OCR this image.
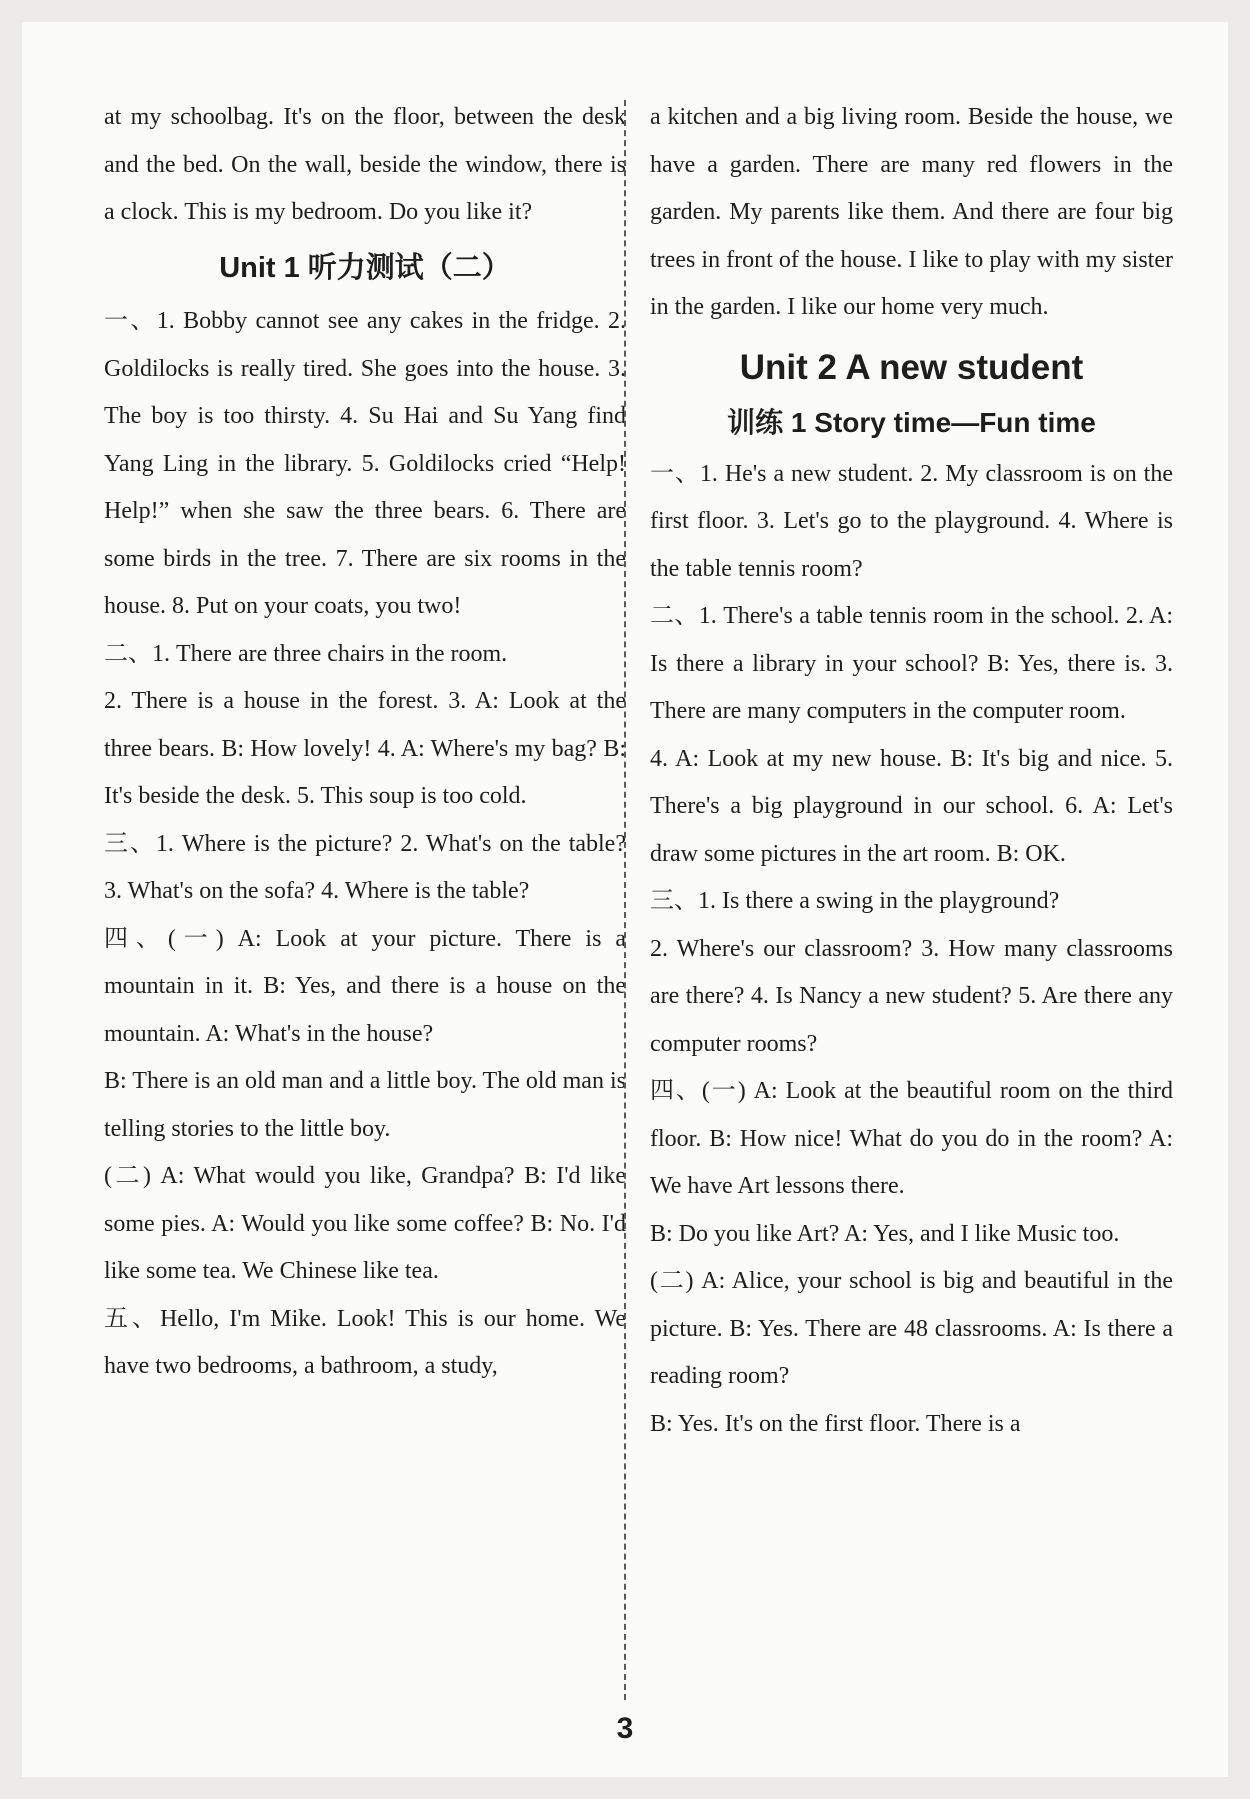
at my schoolbag. It's on the floor, between the desk and the bed. On the wall, beside the window, there is a clock. This is my bedroom. Do you like it?

Unit 1 听力测试（二）

一、1. Bobby cannot see any cakes in the fridge. 2. Goldilocks is really tired. She goes into the house. 3. The boy is too thirsty. 4. Su Hai and Su Yang find Yang Ling in the library. 5. Goldilocks cried “Help! Help!” when she saw the three bears. 6. There are some birds in the tree. 7. There are six rooms in the house. 8. Put on your coats, you two!

二、1. There are three chairs in the room.

2. There is a house in the forest. 3. A: Look at the three bears. B: How lovely! 4. A: Where's my bag? B: It's beside the desk. 5. This soup is too cold.

三、1. Where is the picture? 2. What's on the table? 3. What's on the sofa? 4. Where is the table?

四、(一) A: Look at your picture. There is a mountain in it. B: Yes, and there is a house on the mountain. A: What's in the house?

B: There is an old man and a little boy. The old man is telling stories to the little boy.

(二) A: What would you like, Grandpa? B: I'd like some pies. A: Would you like some coffee? B: No. I'd like some tea. We Chinese like tea.

五、Hello, I'm Mike. Look! This is our home. We have two bedrooms, a bathroom, a study,

a kitchen and a big living room. Beside the house, we have a garden. There are many red flowers in the garden. My parents like them. And there are four big trees in front of the house. I like to play with my sister in the garden. I like our home very much.

Unit 2 A new student
训练 1 Story time—Fun time

一、1. He's a new student. 2. My classroom is on the first floor. 3. Let's go to the playground. 4. Where is the table tennis room?

二、1. There's a table tennis room in the school. 2. A: Is there a library in your school? B: Yes, there is. 3. There are many computers in the computer room.

4. A: Look at my new house. B: It's big and nice. 5. There's a big playground in our school. 6. A: Let's draw some pictures in the art room. B: OK.

三、1. Is there a swing in the playground?

2. Where's our classroom? 3. How many classrooms are there? 4. Is Nancy a new student? 5. Are there any computer rooms?

四、(一) A: Look at the beautiful room on the third floor. B: How nice! What do you do in the room? A: We have Art lessons there.

B: Do you like Art? A: Yes, and I like Music too.

(二) A: Alice, your school is big and beautiful in the picture. B: Yes. There are 48 classrooms. A: Is there a reading room?

B: Yes. It's on the first floor. There is a

3
